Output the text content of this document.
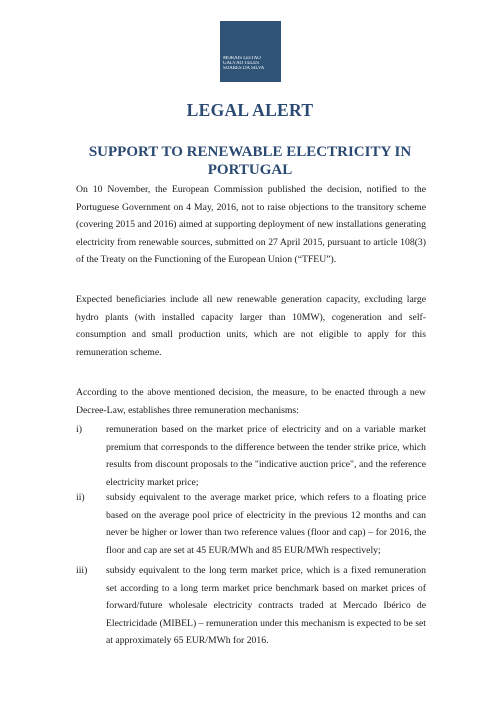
MORAIS LEITÃO
GALVÃO TELES
SOARES DA SILVA
LEGAL ALERT
SUPPORT TO RENEWABLE ELECTRICITY IN PORTUGAL

On 10 November, the European Commission published the decision, notified to the Portuguese Government on 4 May, 2016, not to raise objections to the transitory scheme (covering 2015 and 2016) aimed at supporting deployment of new installations generating electricity from renewable sources, submitted on 27 April 2015, pursuant to article 108(3) of the Treaty on the Functioning of the European Union (“TFEU”).

Expected beneficiaries include all new renewable generation capacity, excluding large hydro plants (with installed capacity larger than 10MW), cogeneration and self-consumption and small production units, which are not eligible to apply for this remuneration scheme.

According to the above mentioned decision, the measure, to be enacted through a new Decree-Law, establishes three remuneration mechanisms:

i) remuneration based on the market price of electricity and on a variable market premium that corresponds to the difference between the tender strike price, which results from discount proposals to the "indicative auction price", and the reference electricity market price;

ii) subsidy equivalent to the average market price, which refers to a floating price based on the average pool price of electricity in the previous 12 months and can never be higher or lower than two reference values (floor and cap) – for 2016, the floor and cap are set at 45 EUR/MWh and 85 EUR/MWh respectively;

iii) subsidy equivalent to the long term market price, which is a fixed remuneration set according to a long term market price benchmark based on market prices of forward/future wholesale electricity contracts traded at Mercado Ibérico de Electricidade (MIBEL) – remuneration under this mechanism is expected to be set at approximately 65 EUR/MWh for 2016.
